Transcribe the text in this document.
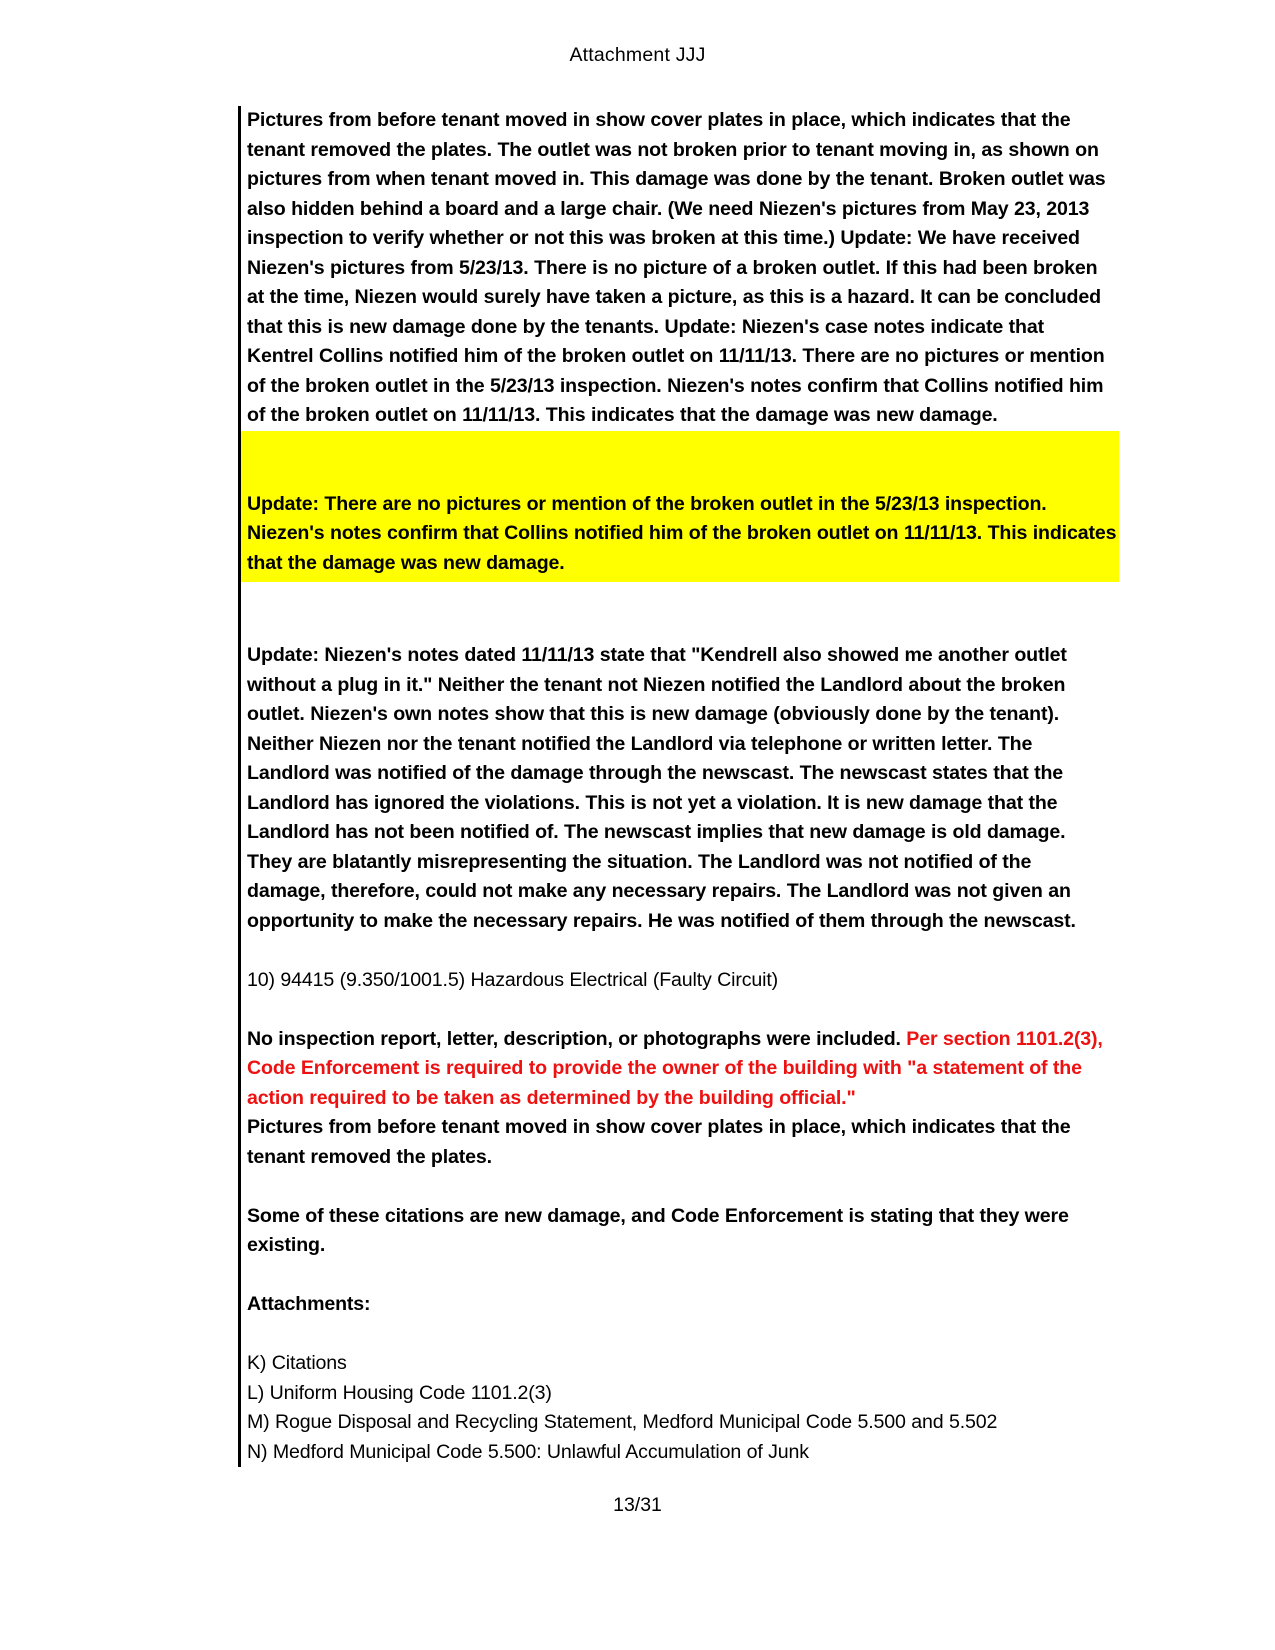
Attachment JJJ

Pictures from before tenant moved in show cover plates in place, which indicates that the tenant removed the plates. The outlet was not broken prior to tenant moving in, as shown on pictures from when tenant moved in. This damage was done by the tenant. Broken outlet was also hidden behind a board and a large chair. (We need Niezen's pictures from May 23, 2013 inspection to verify whether or not this was broken at this time.) Update: We have received Niezen's pictures from 5/23/13. There is no picture of a broken outlet. If this had been broken at the time, Niezen would surely have taken a picture, as this is a hazard. It can be concluded that this is new damage done by the tenants. Update: Niezen's case notes indicate that Kentrel Collins notified him of the broken outlet on 11/11/13. There are no pictures or mention of the broken outlet in the 5/23/13 inspection. Niezen's notes confirm that Collins notified him of the broken outlet on 11/11/13. This indicates that the damage was new damage.

Update: There are no pictures or mention of the broken outlet in the 5/23/13 inspection. Niezen's notes confirm that Collins notified him of the broken outlet on 11/11/13. This indicates that the damage was new damage.

Update: Niezen's notes dated 11/11/13 state that "Kendrell also showed me another outlet without a plug in it." Neither the tenant not Niezen notified the Landlord about the broken outlet. Niezen's own notes show that this is new damage (obviously done by the tenant). Neither Niezen nor the tenant notified the Landlord via telephone or written letter. The Landlord was notified of the damage through the newscast. The newscast states that the Landlord has ignored the violations. This is not yet a violation. It is new damage that the Landlord has not been notified of. The newscast implies that new damage is old damage. They are blatantly misrepresenting the situation. The Landlord was not notified of the damage, therefore, could not make any necessary repairs. The Landlord was not given an opportunity to make the necessary repairs. He was notified of them through the newscast.

10) 94415 (9.350/1001.5) Hazardous Electrical (Faulty Circuit)

No inspection report, letter, description, or photographs were included. Per section 1101.2(3), Code Enforcement is required to provide the owner of the building with "a statement of the action required to be taken as determined by the building official."

Pictures from before tenant moved in show cover plates in place, which indicates that the tenant removed the plates.

Some of these citations are new damage, and Code Enforcement is stating that they were existing.

Attachments:

K) Citations

L) Uniform Housing Code 1101.2(3)

M) Rogue Disposal and Recycling Statement, Medford Municipal Code 5.500 and 5.502

N) Medford Municipal Code 5.500: Unlawful Accumulation of Junk

13/31
